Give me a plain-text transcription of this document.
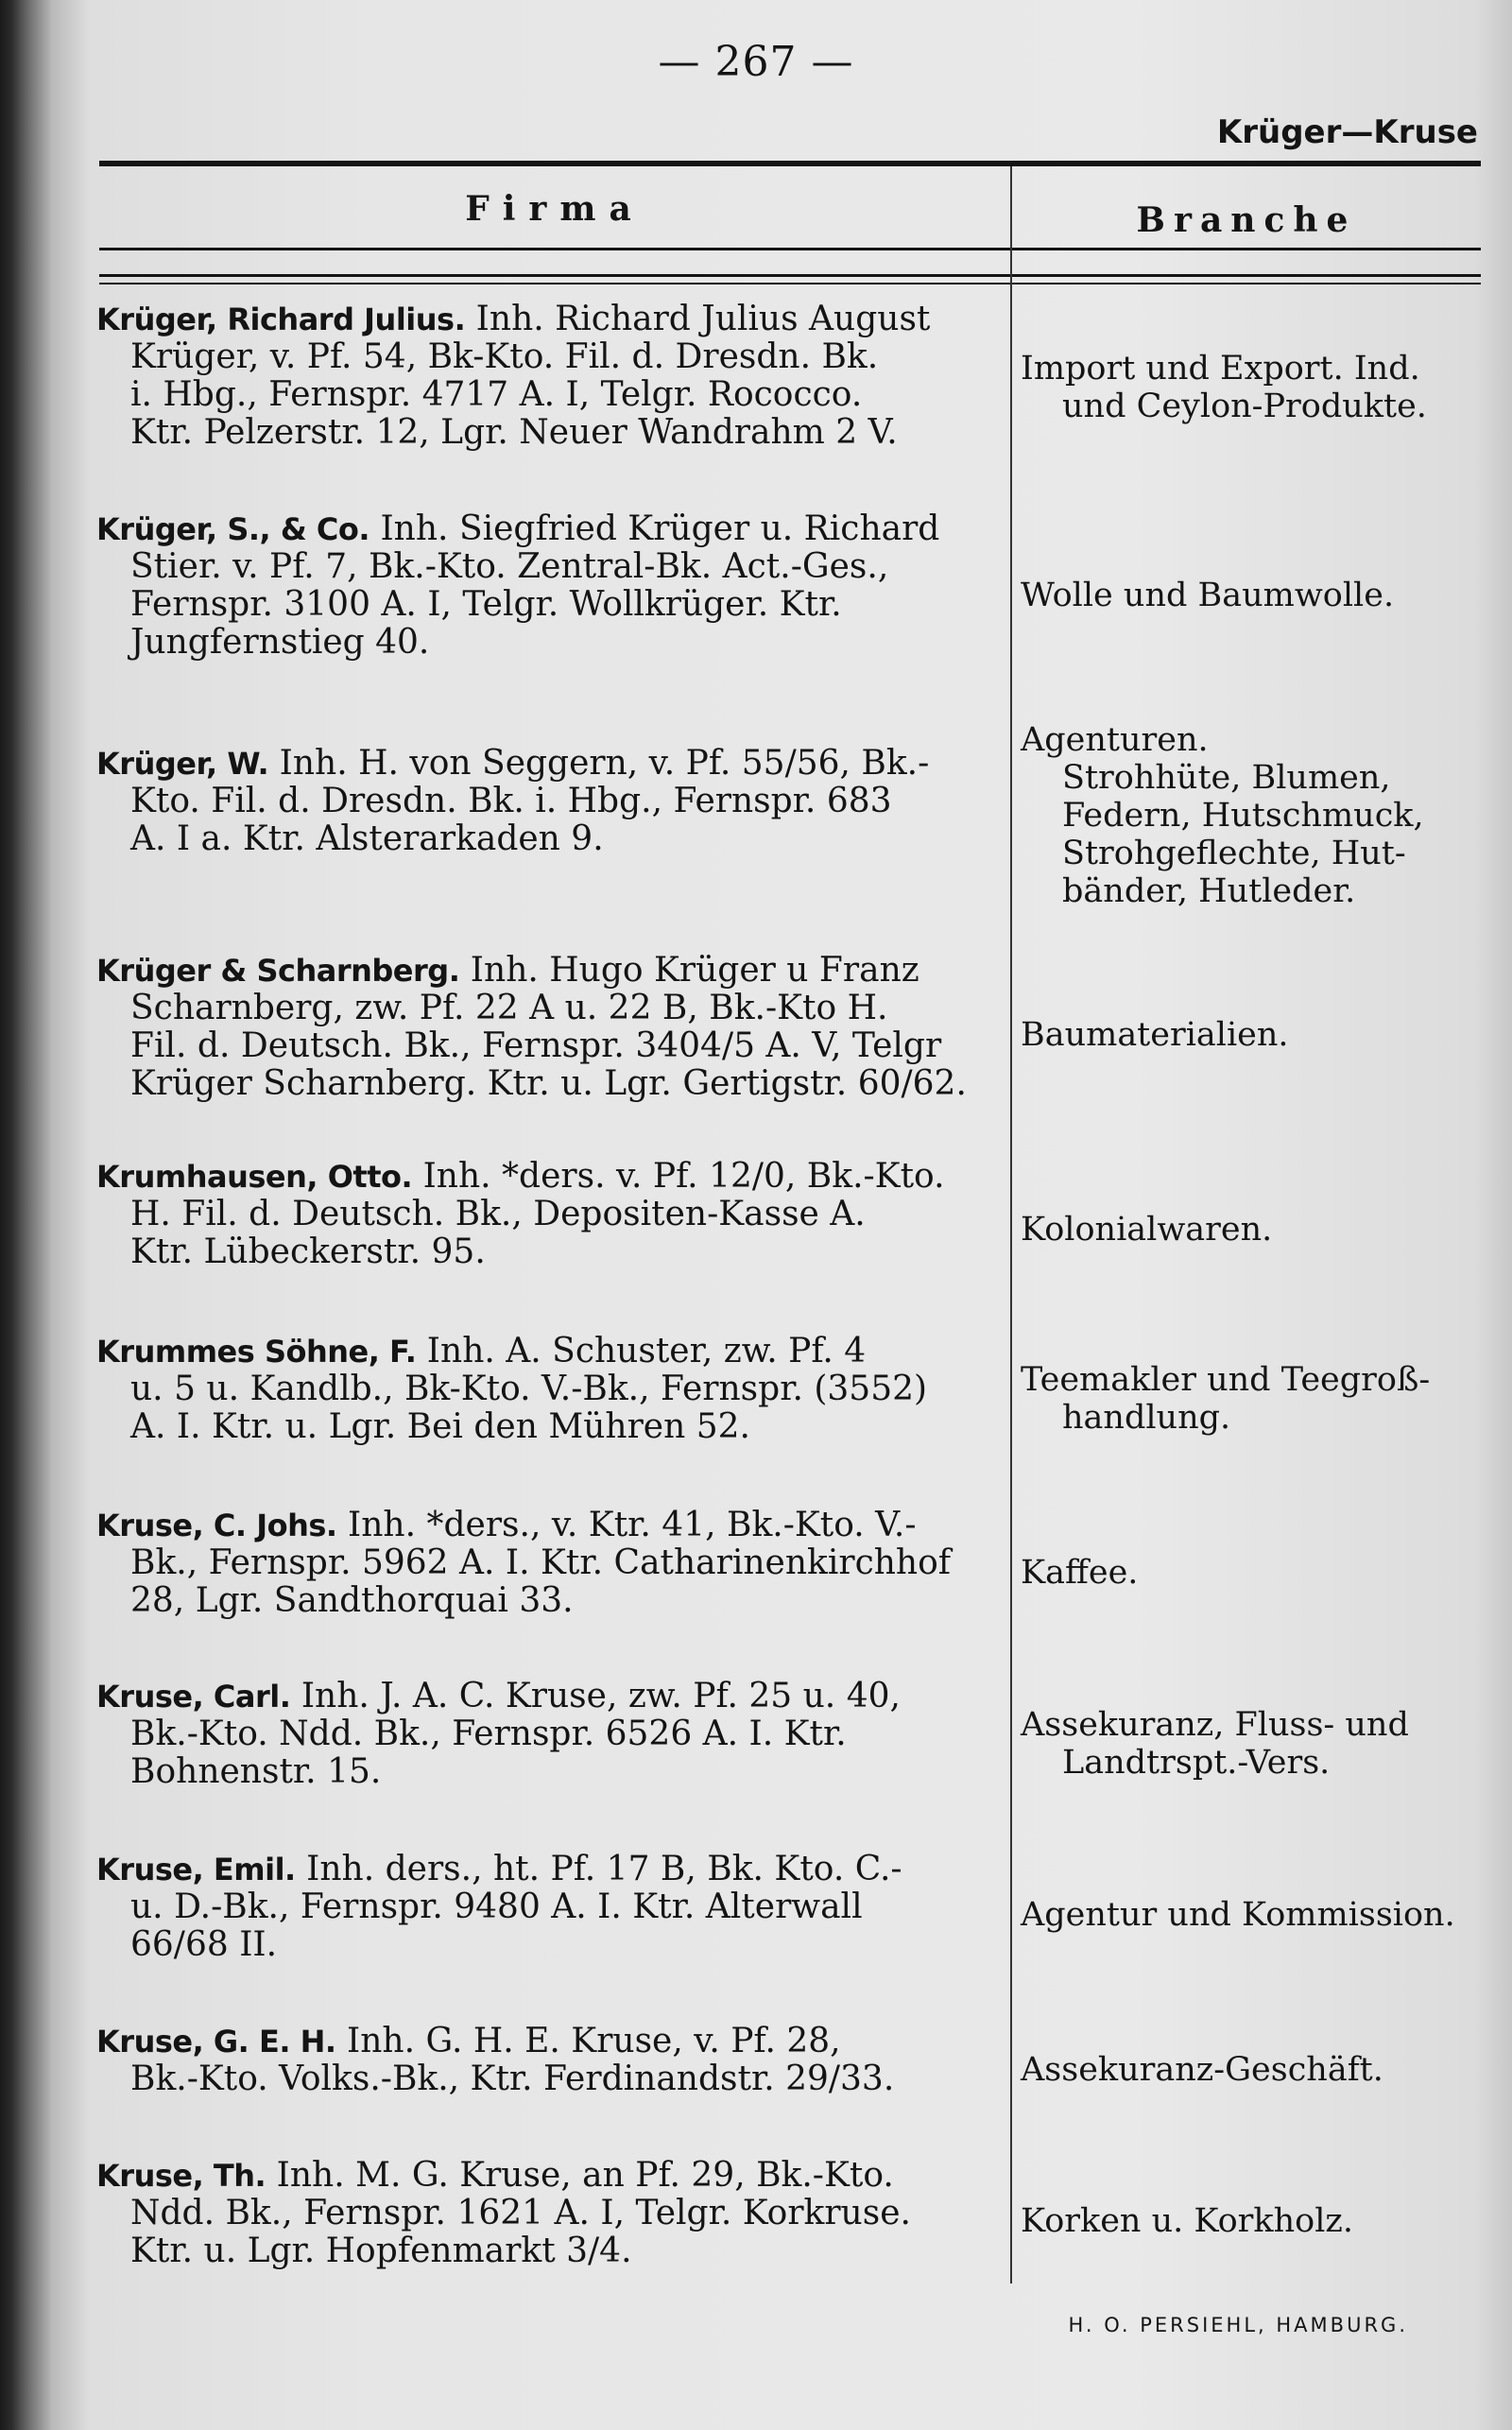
— 267 —
Krüger—Kruse
Firma	Branche
Krüger, Richard Julius. Inh. Richard Julius August
Krüger, v. Pf. 54, Bk-Kto. Fil. d. Dresdn. Bk.
i. Hbg., Fernspr. 4717 A. I, Telgr. Rococco.
Ktr. Pelzerstr. 12, Lgr. Neuer Wandrahm 2 V.
Import und Export. Ind.
und Ceylon-Produkte.
Krüger, S., & Co. Inh. Siegfried Krüger u. Richard
Stier. v. Pf. 7, Bk.-Kto. Zentral-Bk. Act.-Ges.,
Fernspr. 3100 A. I, Telgr. Wollkrüger. Ktr.
Jungfernstieg 40.
Wolle und Baumwolle.
Krüger, W. Inh. H. von Seggern, v. Pf. 55/56, Bk.-
Kto. Fil. d. Dresdn. Bk. i. Hbg., Fernspr. 683
A. I a. Ktr. Alsterarkaden 9.
Agenturen.
Strohhüte, Blumen,
Federn, Hutschmuck,
Strohgeflechte, Hut-
bänder, Hutleder.
Krüger & Scharnberg. Inh. Hugo Krüger u Franz
Scharnberg, zw. Pf. 22 A u. 22 B, Bk.-Kto H.
Fil. d. Deutsch. Bk., Fernspr. 3404/5 A. V, Telgr
Krüger Scharnberg. Ktr. u. Lgr. Gertigstr. 60/62.
Baumaterialien.
Krumhausen, Otto. Inh. *ders. v. Pf. 12/0, Bk.-Kto.
H. Fil. d. Deutsch. Bk., Depositen-Kasse A.
Ktr. Lübeckerstr. 95.
Kolonialwaren.
Krummes Söhne, F. Inh. A. Schuster, zw. Pf. 4
u. 5 u. Kandlb., Bk-Kto. V.-Bk., Fernspr. (3552)
A. I. Ktr. u. Lgr. Bei den Mühren 52.
Teemakler und Teegroß-
handlung.
Kruse, C. Johs. Inh. *ders., v. Ktr. 41, Bk.-Kto. V.-
Bk., Fernspr. 5962 A. I. Ktr. Catharinenkirchhof
28, Lgr. Sandthorquai 33.
Kaffee.
Kruse, Carl. Inh. J. A. C. Kruse, zw. Pf. 25 u. 40,
Bk.-Kto. Ndd. Bk., Fernspr. 6526 A. I. Ktr.
Bohnenstr. 15.
Assekuranz, Fluss- und
Landtrspt.-Vers.
Kruse, Emil. Inh. ders., ht. Pf. 17 B, Bk. Kto. C.-
u. D.-Bk., Fernspr. 9480 A. I. Ktr. Alterwall
66/68 II.
Agentur und Kommission.
Kruse, G. E. H. Inh. G. H. E. Kruse, v. Pf. 28,
Bk.-Kto. Volks.-Bk., Ktr. Ferdinandstr. 29/33.	Assekuranz-Geschäft.
Kruse, Th. Inh. M. G. Kruse, an Pf. 29, Bk.-Kto.
Ndd. Bk., Fernspr. 1621 A. I, Telgr. Korkruse.
Ktr. u. Lgr. Hopfenmarkt 3/4.
Korken u. Korkholz.
H. O. PERSIEHL, HAMBURG.
